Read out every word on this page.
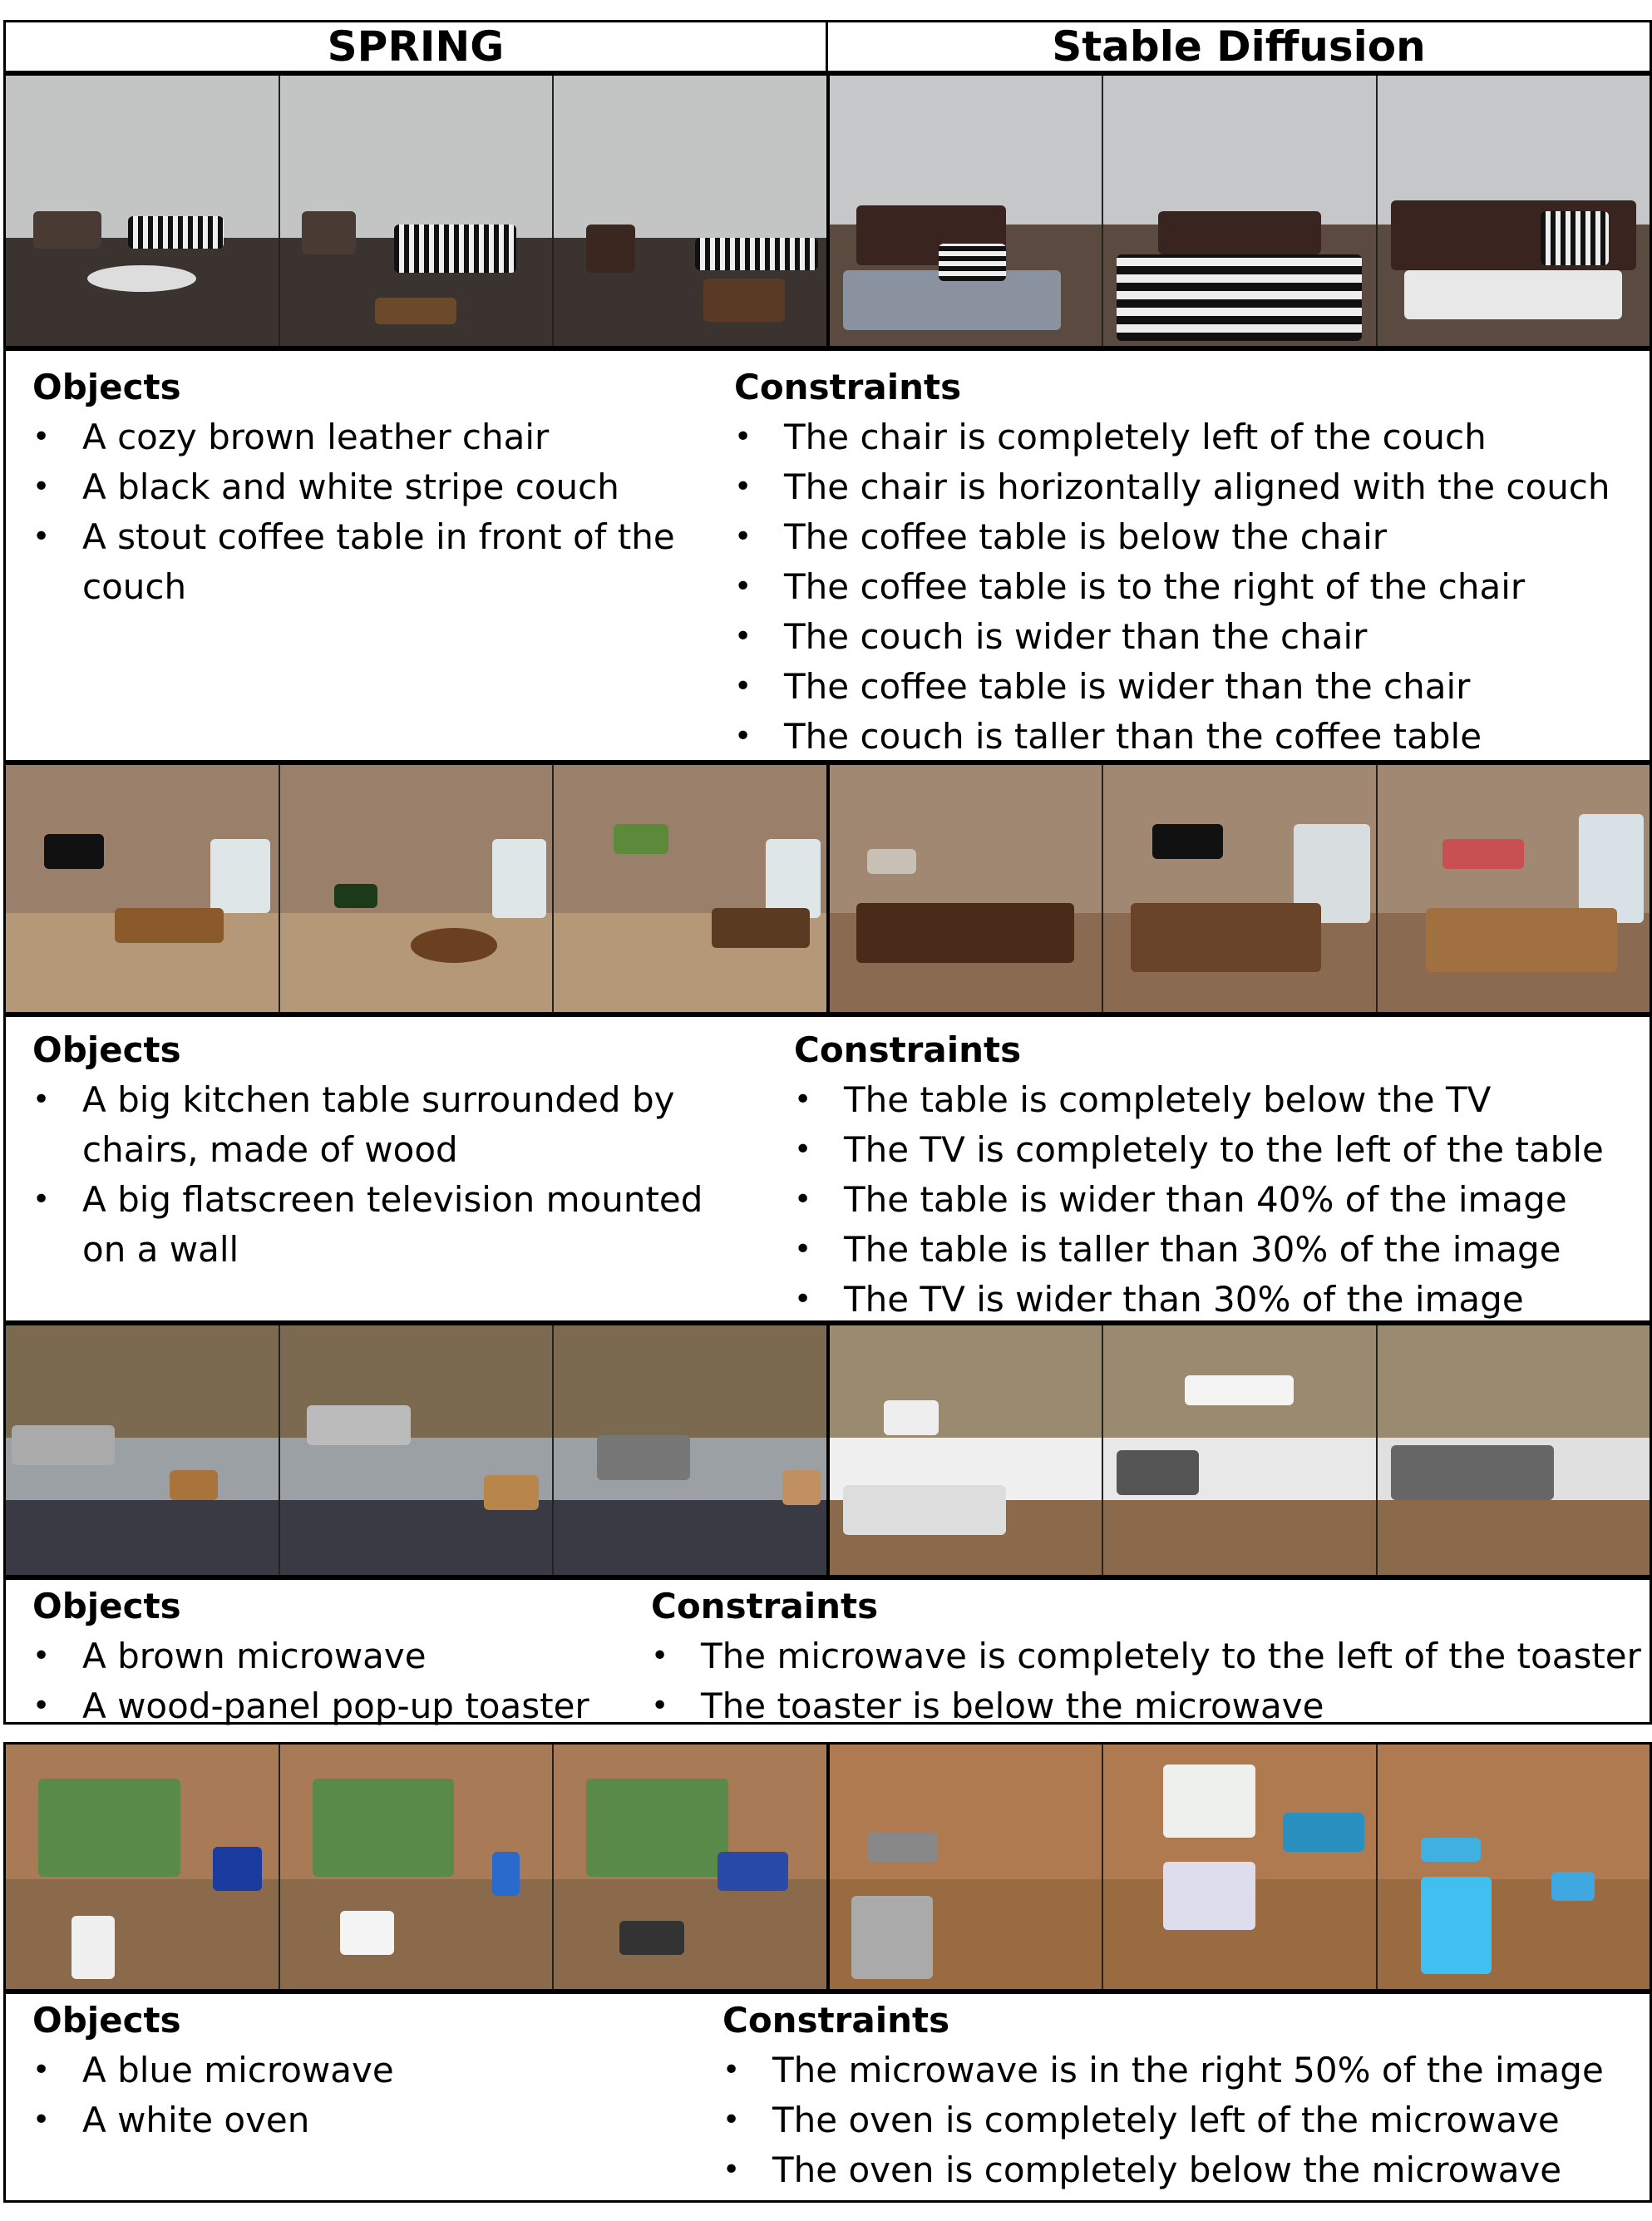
SPRING	Stable Diffusion
Objects
• A cozy brown leather chair
• A black and white stripe couch
• A stout coffee table in front of the couch
Constraints
• The chair is completely left of the couch
• The chair is horizontally aligned with the couch
• The coffee table is below the chair
• The coffee table is to the right of the chair
• The couch is wider than the chair
• The coffee table is wider than the chair
• The couch is taller than the coffee table
Objects
• A big kitchen table surrounded by chairs, made of wood
• A big flatscreen television mounted on a wall
Constraints
• The table is completely below the TV
• The TV is completely to the left of the table
• The table is wider than 40% of the image
• The table is taller than 30% of the image
• The TV is wider than 30% of the image
Objects
• A brown microwave
• A wood-panel pop-up toaster
Constraints
• The microwave is completely to the left of the toaster
• The toaster is below the microwave
Objects
• A blue microwave
• A white oven
Constraints
• The microwave is in the right 50% of the image
• The oven is completely left of the microwave
• The oven is completely below the microwave
